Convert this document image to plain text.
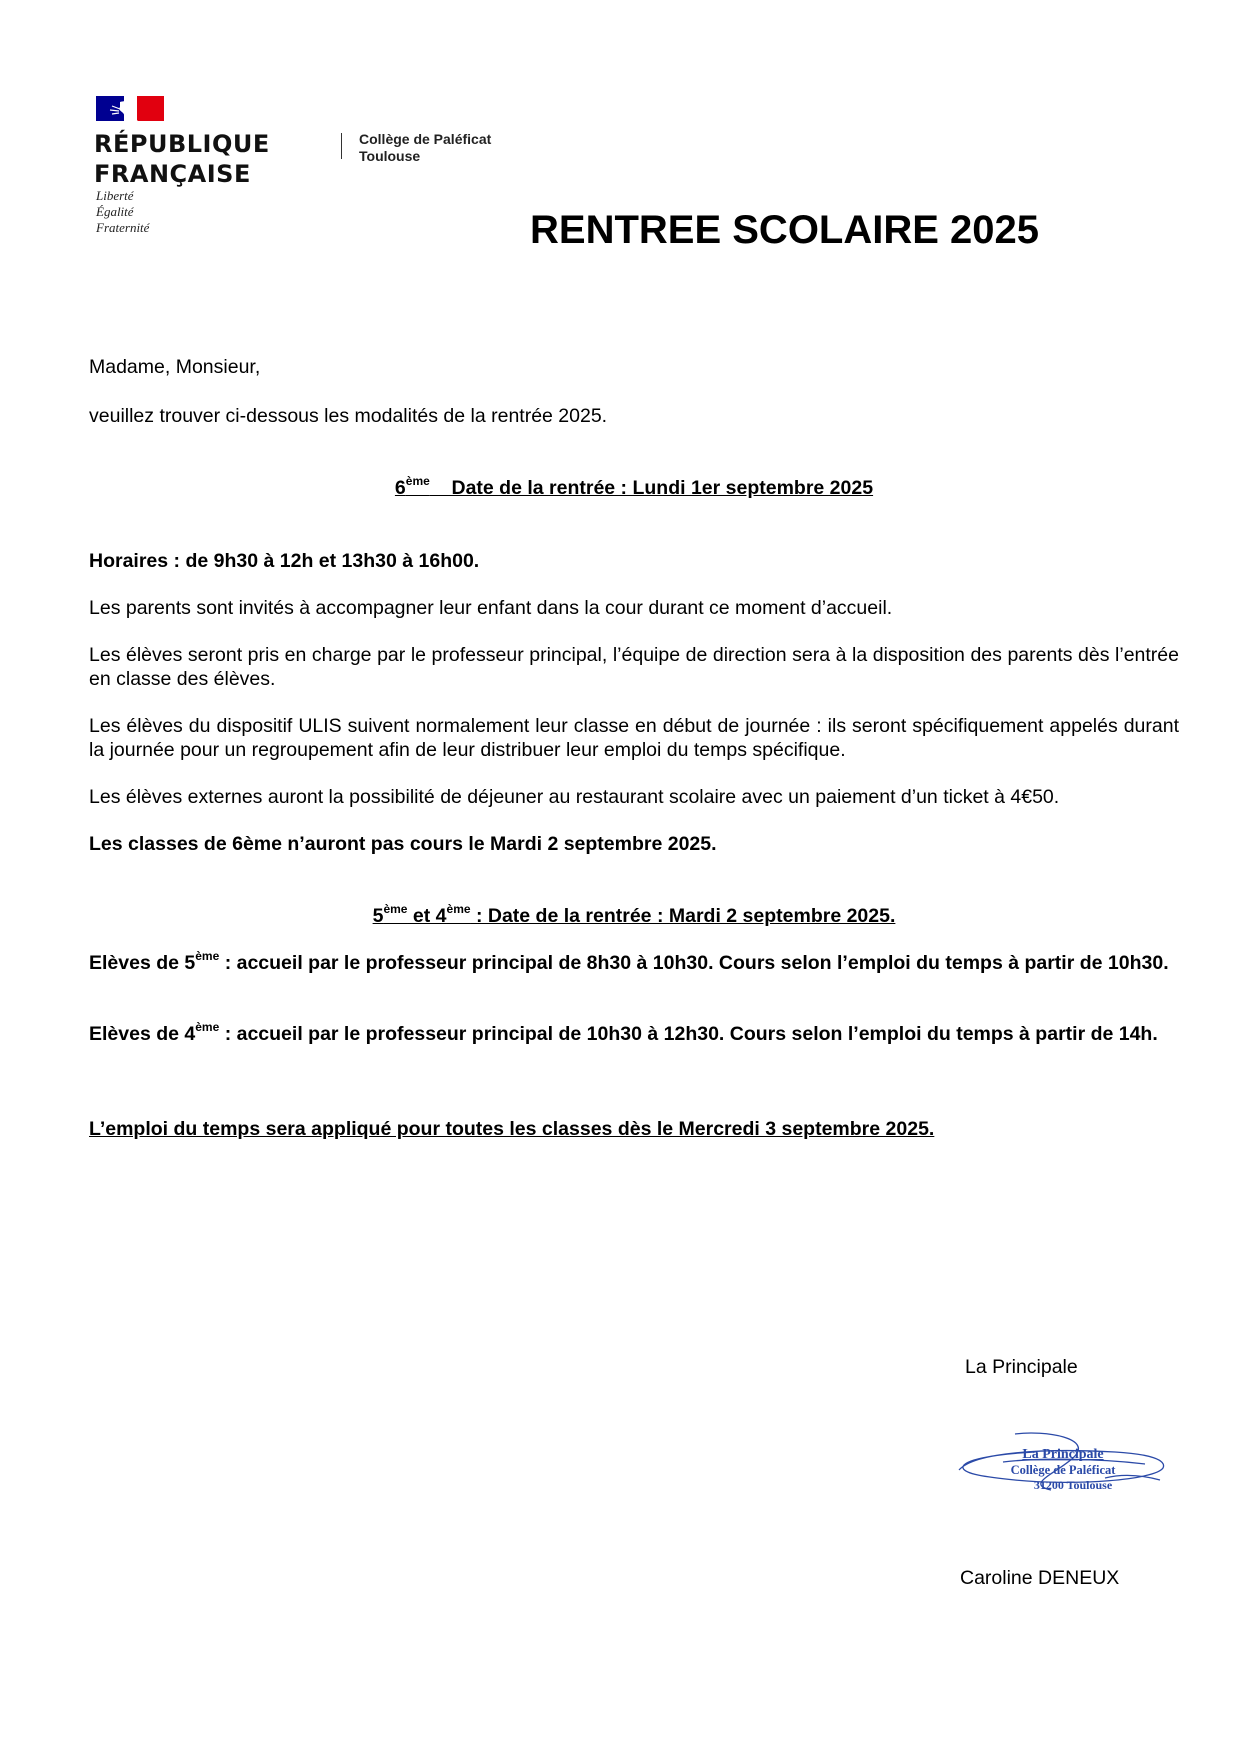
RÉPUBLIQUE
FRANÇAISE
Liberté
Égalité
Fraternité
Collège de Paléficat
Toulouse
RENTREE SCOLAIRE 2025
Madame, Monsieur,
veuillez trouver ci-dessous les modalités de la rentrée 2025.
6ème Date de la rentrée : Lundi 1er septembre 2025
Horaires : de 9h30 à 12h et 13h30 à 16h00.
Les parents sont invités à accompagner leur enfant dans la cour durant ce moment d’accueil.
Les élèves seront pris en charge par le professeur principal, l’équipe de direction sera à la disposition des parents dès l’entrée en classe des élèves.
Les élèves du dispositif ULIS suivent normalement leur classe en début de journée : ils seront spécifiquement appelés durant la journée pour un regroupement afin de leur distribuer leur emploi du temps spécifique.
Les élèves externes auront la possibilité de déjeuner au restaurant scolaire avec un paiement d’un ticket à 4€50.
Les classes de 6ème n’auront pas cours le Mardi 2 septembre 2025.
5ème et 4ème : Date de la rentrée : Mardi 2 septembre 2025.
Elèves de 5ème : accueil par le professeur principal de 8h30 à 10h30. Cours selon l’emploi du temps à partir de 10h30.
Elèves de 4ème : accueil par le professeur principal de 10h30 à 12h30. Cours selon l’emploi du temps à partir de 14h.
L’emploi du temps sera appliqué pour toutes les classes dès le Mercredi 3 septembre 2025.
La Principale
La Principale
Collège de Paléficat
31200 Toulouse
Caroline DENEUX
